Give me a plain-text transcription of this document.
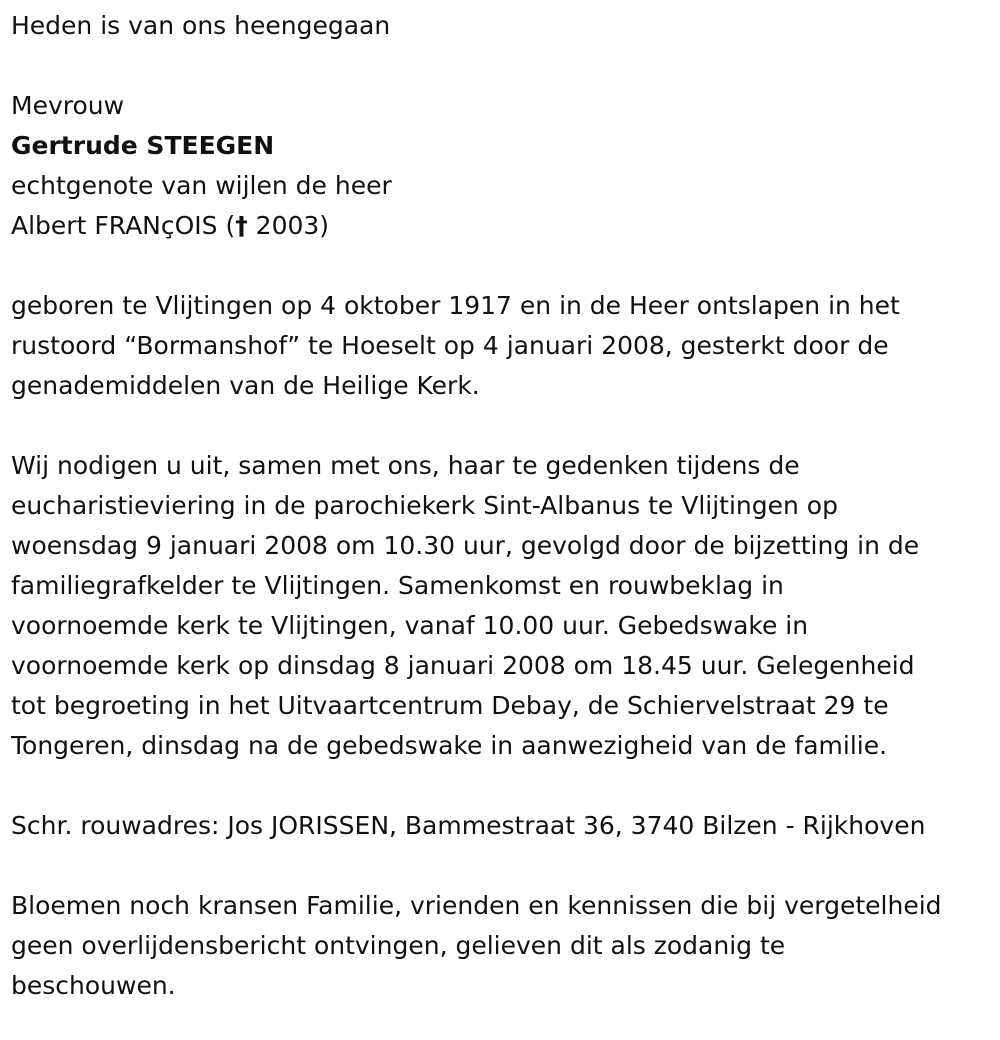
Heden is van ons heengegaan
Mevrouw
Gertrude STEEGEN
echtgenote van wijlen de heer
Albert FRANçOIS († 2003)
geboren te Vlijtingen op 4 oktober 1917 en in de Heer ontslapen in het
rustoord “Bormanshof” te Hoeselt op 4 januari 2008, gesterkt door de
genademiddelen van de Heilige Kerk.
Wij nodigen u uit, samen met ons, haar te gedenken tijdens de
eucharistieviering in de parochiekerk Sint-Albanus te Vlijtingen op
woensdag 9 januari 2008 om 10.30 uur, gevolgd door de bijzetting in de
familiegrafkelder te Vlijtingen. Samenkomst en rouwbeklag in
voornoemde kerk te Vlijtingen, vanaf 10.00 uur. Gebedswake in
voornoemde kerk op dinsdag 8 januari 2008 om 18.45 uur. Gelegenheid
tot begroeting in het Uitvaartcentrum Debay, de Schiervelstraat 29 te
Tongeren, dinsdag na de gebedswake in aanwezigheid van de familie.
Schr. rouwadres: Jos JORISSEN, Bammestraat 36, 3740 Bilzen - Rijkhoven
Bloemen noch kransen Familie, vrienden en kennissen die bij vergetelheid
geen overlijdensbericht ontvingen, gelieven dit als zodanig te
beschouwen.
